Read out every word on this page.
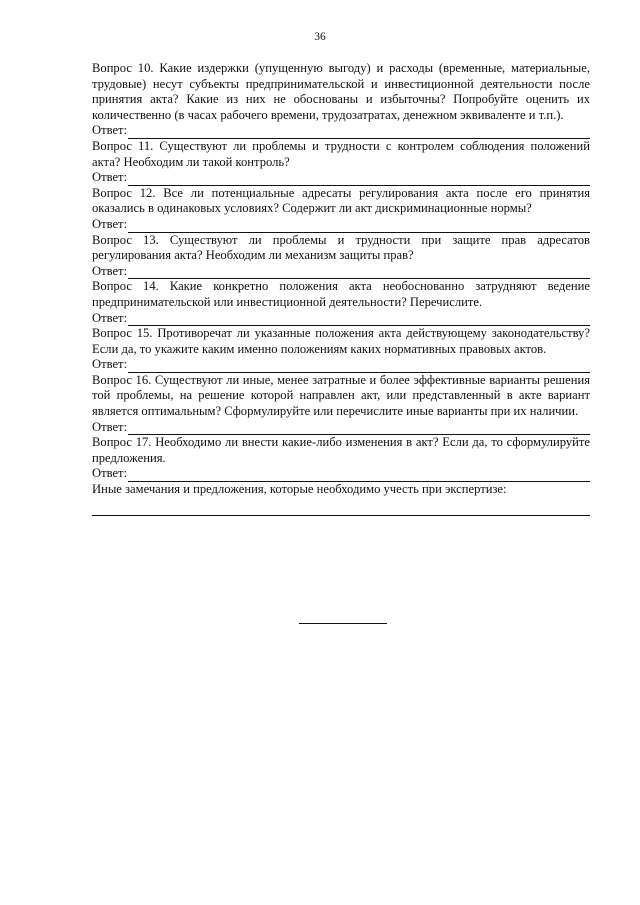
36

Вопрос 10. Какие издержки (упущенную выгоду) и расходы (временные, материальные, трудовые) несут субъекты предпринимательской и инвестиционной деятельности после принятия акта? Какие из них не обоснованы и избыточны? Попробуйте оценить их количественно (в часах рабочего времени, трудозатратах, денежном эквиваленте и т.п.).

Ответ:

Вопрос 11. Существуют ли проблемы и трудности с контролем соблюдения положений акта? Необходим ли такой контроль?

Ответ:

Вопрос 12. Все ли потенциальные адресаты регулирования акта после его принятия оказались в одинаковых условиях? Содержит ли акт дискриминационные нормы?

Ответ:

Вопрос 13. Существуют ли проблемы и трудности при защите прав адресатов регулирования акта? Необходим ли механизм защиты прав?

Ответ:

Вопрос 14. Какие конкретно положения акта необоснованно затрудняют ведение предпринимательской или инвестиционной деятельности? Перечислите.

Ответ:

Вопрос 15. Противоречат ли указанные положения акта действующему законодательству? Если да, то укажите каким именно положениям каких нормативных правовых актов.

Ответ:

Вопрос 16. Существуют ли иные, менее затратные и более эффективные варианты решения той проблемы, на решение которой направлен акт, или представленный в акте вариант является оптимальным? Сформулируйте или перечислите иные варианты при их наличии.

Ответ:

Вопрос 17. Необходимо ли внести какие-либо изменения в акт? Если да, то сформулируйте предложения.

Ответ:

Иные замечания и предложения, которые необходимо учесть при экспертизе:
